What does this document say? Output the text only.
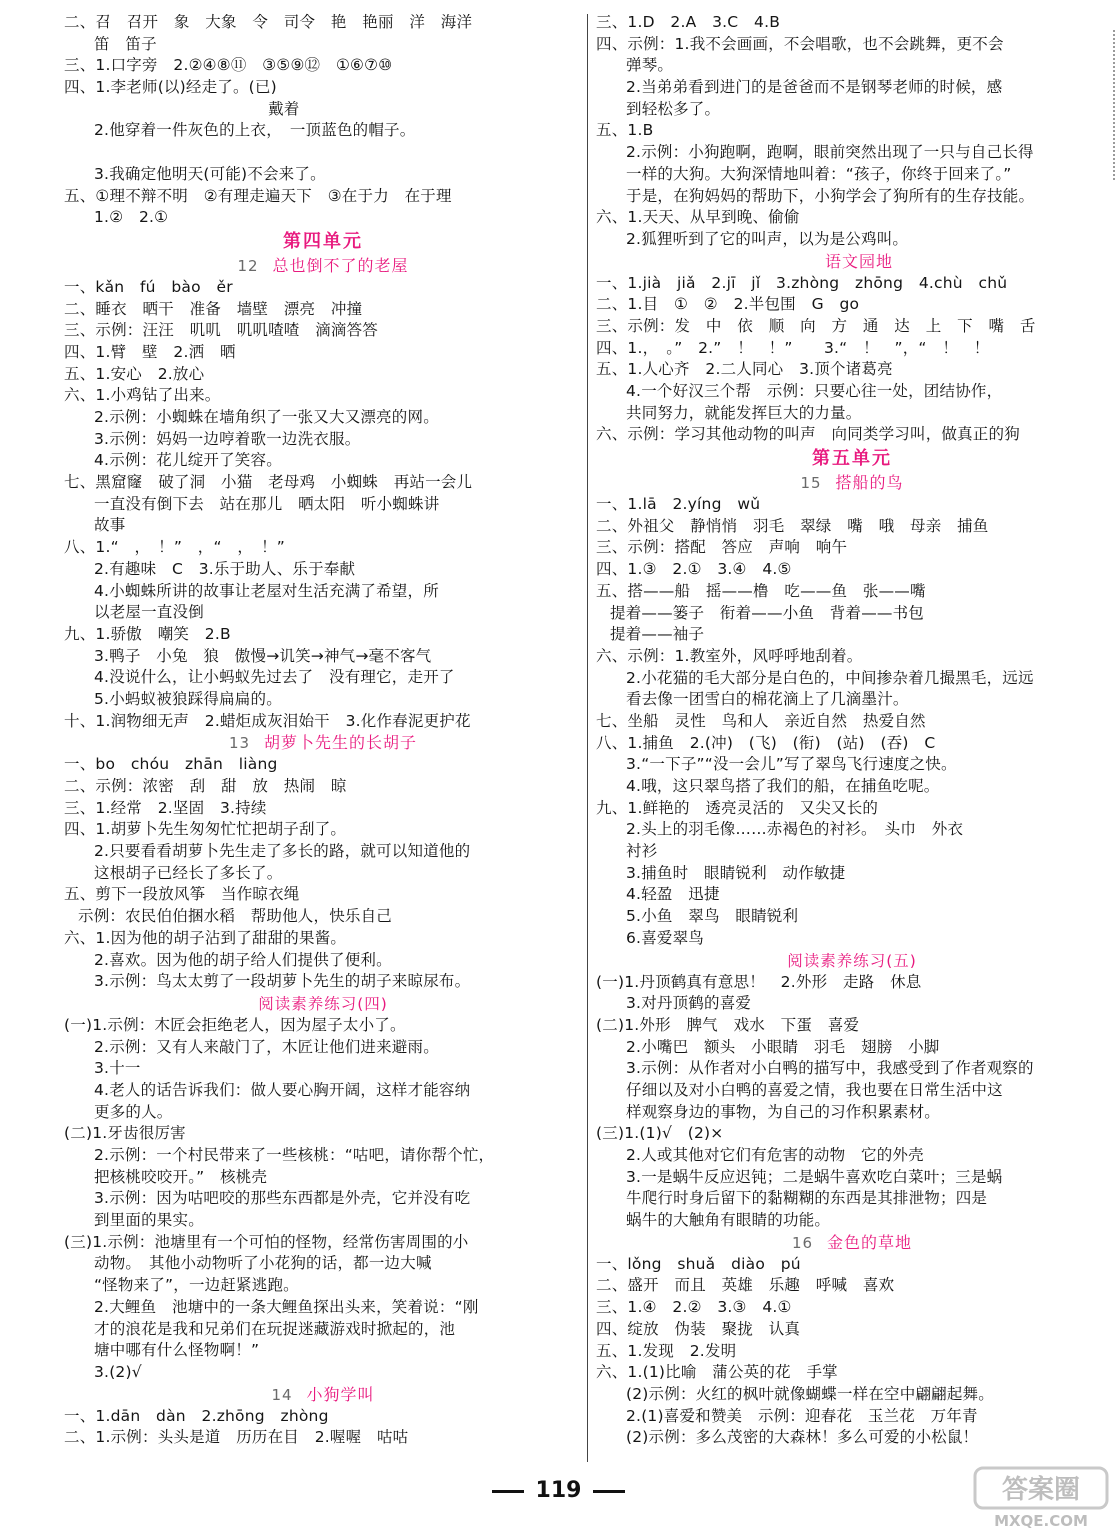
二、召　召开　象　大象　令　司令　艳　艳丽　洋　海洋
笛　笛子
三、1.口字旁　2.②④⑧⑪　③⑤⑨⑫　①⑥⑦⑩
四、1.李老师(以)经走了。(已)
　　　　　　　　　　　　　戴着
2.他穿着一件灰色的上衣，　一顶蓝色的帽子。
3.我确定他明天(可能)不会来了。
五、①理不辩不明　②有理走遍天下　③在于力　在于理
1.②　2.①
第四单元
12 总也倒不了的老屋
一、kǎn　fú　bào　ěr
二、睡衣　晒干　准备　墙壁　漂亮　冲撞
三、示例：汪汪　叽叽　叽叽喳喳　滴滴答答
四、1.臂　壁　2.洒　晒
五、1.安心　2.放心
六、1.小鸡钻了出来。
2.示例：小蜘蛛在墙角织了一张又大又漂亮的网。
3.示例：妈妈一边哼着歌一边洗衣服。
4.示例：花儿绽开了笑容。
七、黑窟窿　破了洞　小猫　老母鸡　小蜘蛛　再站一会儿
一直没有倒下去　站在那儿　晒太阳　听小蜘蛛讲
故事
八、1.“　，　！”　，“　，　！”
2.有趣味　C　3.乐于助人、乐于奉献
4.小蜘蛛所讲的故事让老屋对生活充满了希望，所
以老屋一直没倒
九、1.骄傲　嘲笑　2.B
3.鸭子　小兔　狼　傲慢→讥笑→神气→毫不客气
4.没说什么，让小蚂蚁先过去了　没有理它，走开了
5.小蚂蚁被狼踩得扁扁的。
十、1.润物细无声　2.蜡炬成灰泪始干　3.化作春泥更护花
13 胡萝卜先生的长胡子
一、bo　chóu　zhān　liàng
二、示例：浓密　刮　甜　放　热闹　晾
三、1.经常　2.坚固　3.持续
四、1.胡萝卜先生匆匆忙忙把胡子刮了。
2.只要看看胡萝卜先生走了多长的路，就可以知道他的
这根胡子已经长了多长了。
五、剪下一段放风筝　当作晾衣绳
示例：农民伯伯捆水稻　帮助他人，快乐自己
六、1.因为他的胡子沾到了甜甜的果酱。
2.喜欢。因为他的胡子给人们提供了便利。
3.示例：鸟太太剪了一段胡萝卜先生的胡子来晾尿布。
阅读素养练习(四)
(一)1.示例：木匠会拒绝老人，因为屋子太小了。
2.示例：又有人来敲门了，木匠让他们进来避雨。
3.十一
4.老人的话告诉我们：做人要心胸开阔，这样才能容纳
更多的人。
(二)1.牙齿很厉害
2.示例：一个村民带来了一些核桃：“咕吧，请你帮个忙，
把核桃咬咬开。”　核桃壳
3.示例：因为咕吧咬的那些东西都是外壳，它并没有吃
到里面的果实。
(三)1.示例：池塘里有一个可怕的怪物，经常伤害周围的小
动物。　其他小动物听了小花狗的话，都一边大喊
“怪物来了”，一边赶紧逃跑。
2.大鲤鱼　池塘中的一条大鲤鱼探出头来，笑着说：“刚
才的浪花是我和兄弟们在玩捉迷藏游戏时掀起的，池
塘中哪有什么怪物啊！”
3.(2)√
14 小狗学叫
一、1.dān　dàn　2.zhōng　zhòng
二、1.示例：头头是道　历历在目　2.喔喔　咕咕
三、1.D　2.A　3.C　4.B
四、示例：1.我不会画画，不会唱歌，也不会跳舞，更不会
弹琴。
2.当弟弟看到进门的是爸爸而不是钢琴老师的时候，感
到轻松多了。
五、1.B
2.示例：小狗跑啊，跑啊，眼前突然出现了一只与自己长得
一样的大狗。大狗深情地叫着：“孩子，你终于回来了。”
于是，在狗妈妈的帮助下，小狗学会了狗所有的生存技能。
六、1.天天、从早到晚、偷偷
2.狐狸听到了它的叫声，以为是公鸡叫。
语文园地
一、1.jià　jiǎ　2.jī　jǐ　3.zhòng　zhōng　4.chù　chǔ
二、1.目　①　②　2.半包围　G　go
三、示例：发　中　依　顺　向　方　通　达　上　下　嘴　舌
四、1.，　。”　2.”　！　！”　　3.“　！　”，“　！　！
五、1.人心齐　2.二人同心　3.顶个诸葛亮
4.一个好汉三个帮　示例：只要心往一处，团结协作，
共同努力，就能发挥巨大的力量。
六、示例：学习其他动物的叫声　向同类学习叫，做真正的狗
第五单元
15 搭船的鸟
一、1.lā　2.yíng　wǔ
二、外祖父　静悄悄　羽毛　翠绿　嘴　哦　母亲　捕鱼
三、示例：搭配　答应　声响　响午
四、1.③　2.①　3.④　4.⑤
五、搭——船　摇——橹　吃——鱼　张——嘴
提着——篓子　衔着——小鱼　背着——书包
提着——袖子
六、示例：1.教室外，风呼呼地刮着。
2.小花猫的毛大部分是白色的，中间掺杂着几撮黑毛，远远
看去像一团雪白的棉花滴上了几滴墨汁。
七、坐船　灵性　鸟和人　亲近自然　热爱自然
八、1.捕鱼　2.(冲)　(飞)　(衔)　(站)　(吞)　C
3.“一下子”“没一会儿”写了翠鸟飞行速度之快。
4.哦，这只翠鸟搭了我们的船，在捕鱼吃呢。
九、1.鲜艳的　透亮灵活的　又尖又长的
2.头上的羽毛像……赤褐色的衬衫。　头巾　外衣
衬衫
3.捕鱼时　眼睛锐利　动作敏捷
4.轻盈　迅捷
5.小鱼　翠鸟　眼睛锐利
6.喜爱翠鸟
阅读素养练习(五)
(一)1.丹顶鹤真有意思！　2.外形　走路　休息
3.对丹顶鹤的喜爱
(二)1.外形　脾气　戏水　下蛋　喜爱
2.小嘴巴　额头　小眼睛　羽毛　翅膀　小脚
3.示例：从作者对小白鸭的描写中，我感受到了作者观察的
仔细以及对小白鸭的喜爱之情，我也要在日常生活中这
样观察身边的事物，为自己的习作积累素材。
(三)1.(1)√　(2)×
2.人或其他对它们有危害的动物　它的外壳
3.一是蜗牛反应迟钝；二是蜗牛喜欢吃白菜叶；三是蜗
牛爬行时身后留下的黏糊糊的东西是其排泄物；四是
蜗牛的大触角有眼睛的功能。
16 金色的草地
一、lǒng　shuǎ　diào　pú
二、盛开　而且　英雄　乐趣　呼喊　喜欢
三、1.④　2.②　3.③　4.①
四、绽放　伪装　聚拢　认真
五、1.发现　2.发明
六、1.(1)比喻　蒲公英的花　手掌
(2)示例：火红的枫叶就像蝴蝶一样在空中翩翩起舞。
2.(1)喜爱和赞美　示例：迎春花　玉兰花　万年青
(2)示例：多么茂密的大森林！多么可爱的小松鼠！
119	答案圈
MXQE.COM
